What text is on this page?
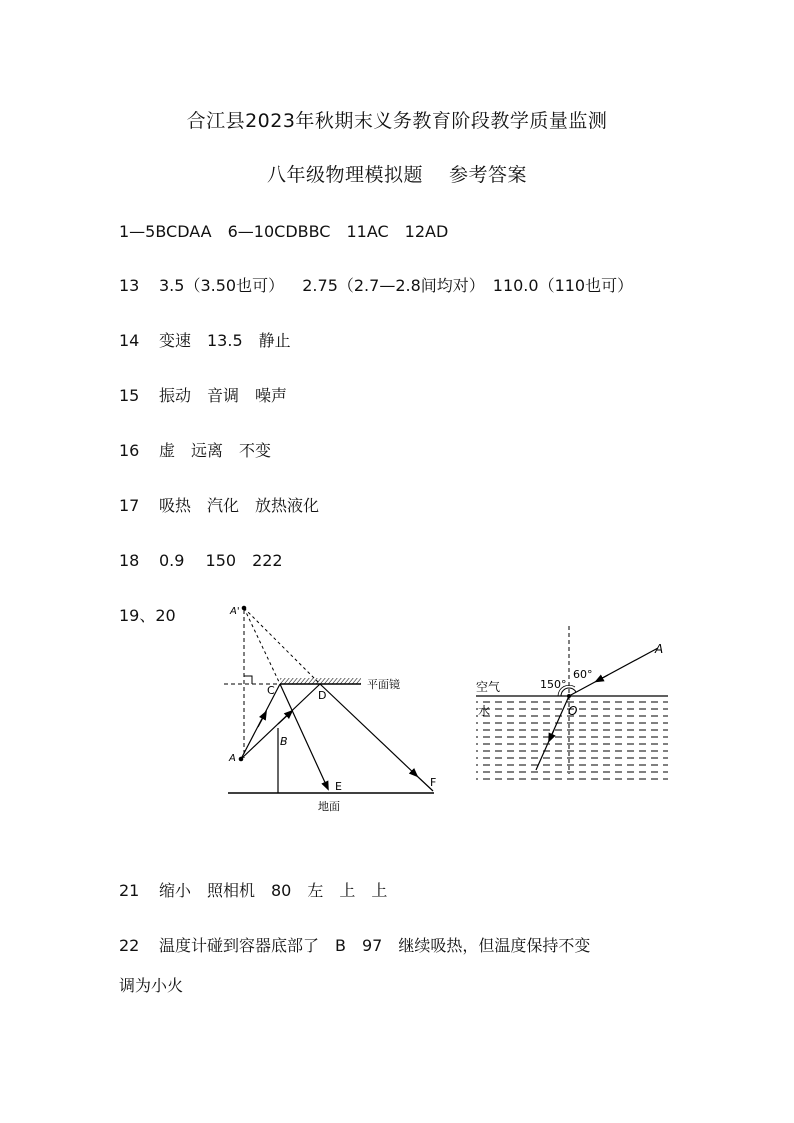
合江县2023年秋期末义务教育阶段教学质量监测
八年级物理模拟题　 参考答案
1—5BCDAA　6—10CDBBC　11AC　12AD
13 3.5（3.50也可）　  2.75（2.7—2.8间均对）　110.0（110也可）
14 变速　13.5　静止
15 振动　音调　噪声
16 虚　远离　不变
17 吸热　汽化　放热液化
18 0.9　 150　222
19、20	A'
A
B
C	D
E	F
平面镜
地面
A
O
空气
水
150°
60°
21 缩小　照相机　80　左　上　上
22 温度计碰到容器底部了　B　97　继续吸热，但温度保持不变
调为小火
